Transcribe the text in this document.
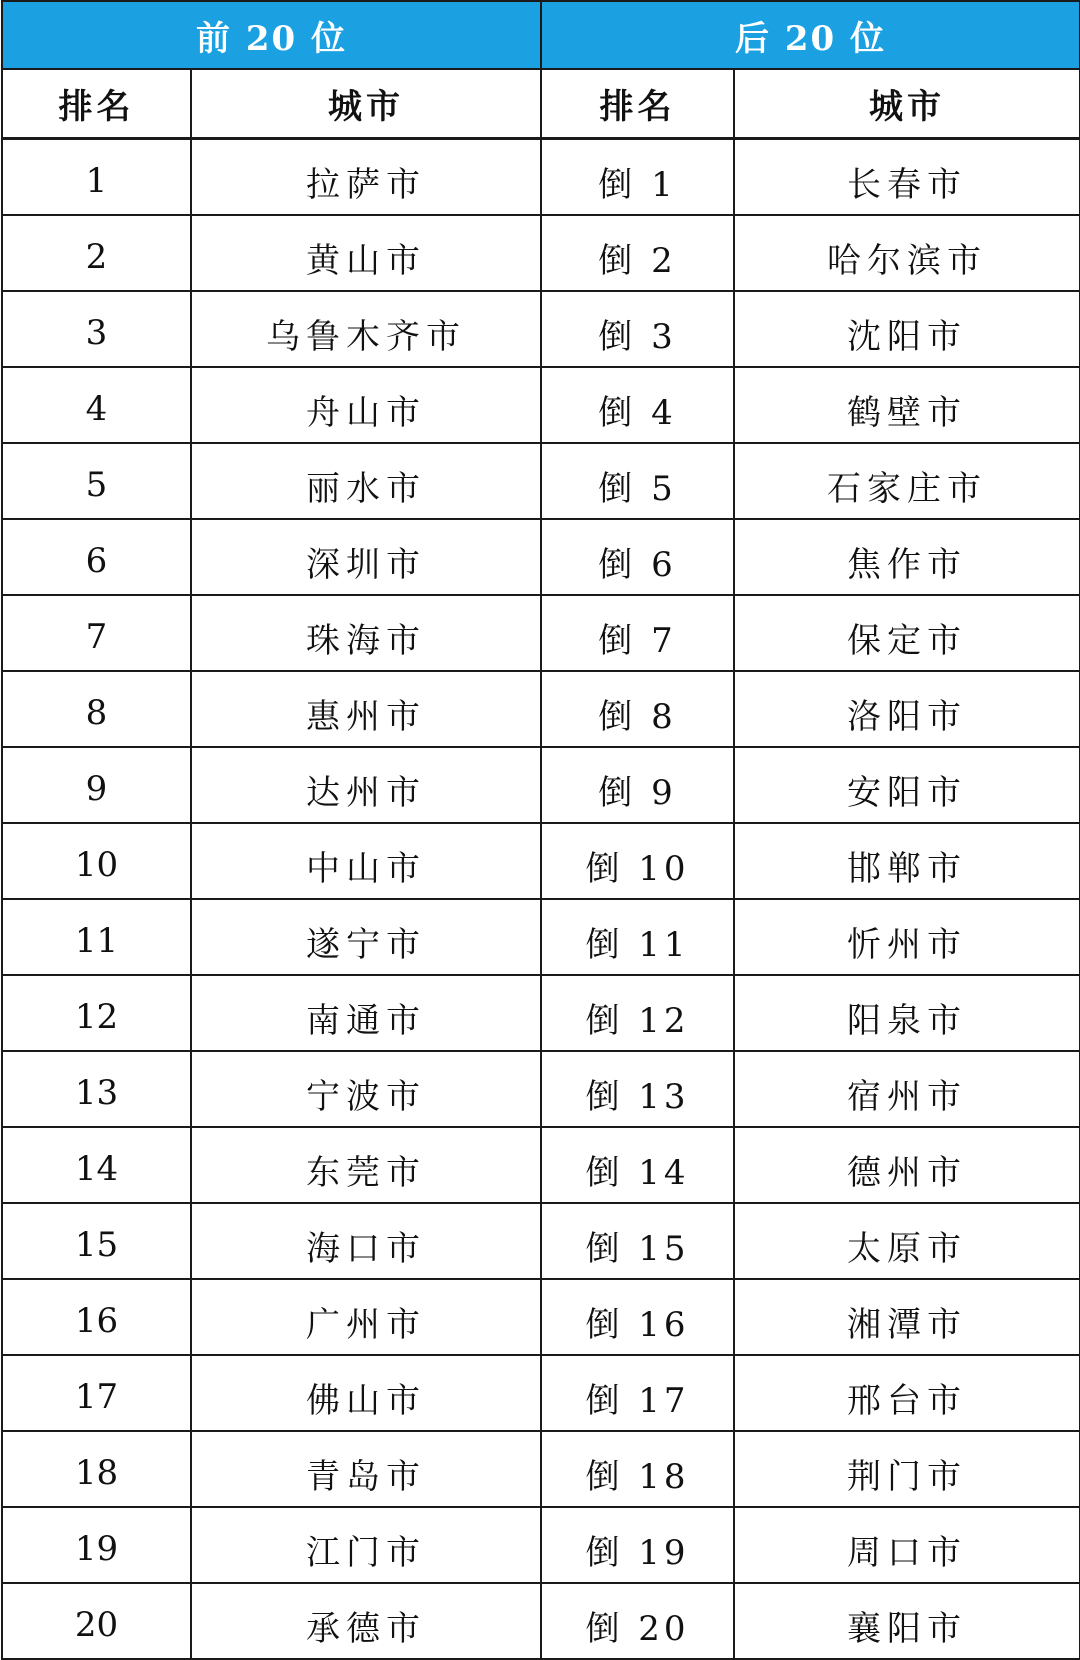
前 20 位		后 20 位	
排名	城市	排名	城市
1	拉萨市	倒 1	长春市
2	黄山市	倒 2	哈尔滨市
3	乌鲁木齐市	倒 3	沈阳市
4	舟山市	倒 4	鹤壁市
5	丽水市	倒 5	石家庄市
6	深圳市	倒 6	焦作市
7	珠海市	倒 7	保定市
8	惠州市	倒 8	洛阳市
9	达州市	倒 9	安阳市
10	中山市	倒 10	邯郸市
11	遂宁市	倒 11	忻州市
12	南通市	倒 12	阳泉市
13	宁波市	倒 13	宿州市
14	东莞市	倒 14	德州市
15	海口市	倒 15	太原市
16	广州市	倒 16	湘潭市
17	佛山市	倒 17	邢台市
18	青岛市	倒 18	荆门市
19	江门市	倒 19	周口市
20	承德市	倒 20	襄阳市
